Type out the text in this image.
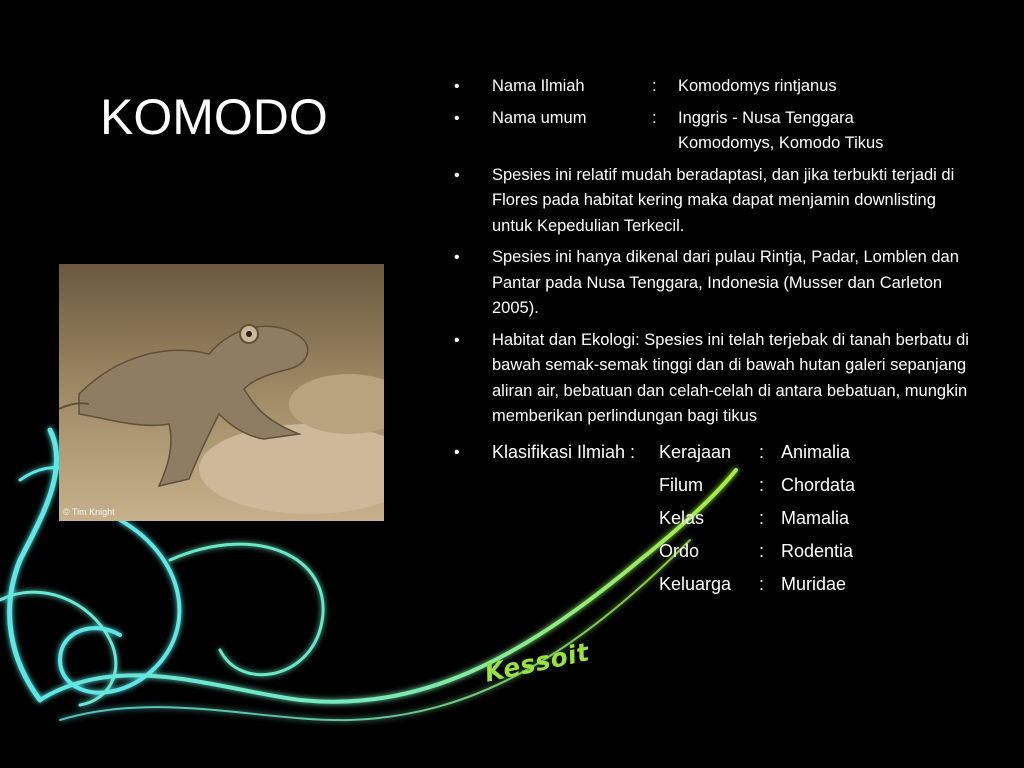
KOMODO
© Tim Knight
• Nama Ilmiah	:	Komodomys rintjanus
• Nama umum	:	Inggris - Nusa Tenggara Komodomys, Komodo Tikus
• Spesies ini relatif mudah beradaptasi, dan jika terbukti terjadi di Flores pada habitat kering maka dapat menjamin downlisting untuk Kepedulian Terkecil.
• Spesies ini hanya dikenal dari pulau Rintja, Padar, Lomblen dan Pantar pada Nusa Tenggara, Indonesia (Musser dan Carleton 2005).
• Habitat dan Ekologi: Spesies ini telah terjebak di tanah berbatu di bawah semak-semak tinggi dan di bawah hutan galeri sepanjang aliran air, bebatuan dan celah-celah di antara bebatuan, mungkin memberikan perlindungan bagi tikus
• Klasifikasi Ilmiah :	Kerajaan	: Animalia
Filum	: Chordata
Kelas	: Mamalia
Ordo	: Rodentia
Keluarga	: Muridae
Kessoit
